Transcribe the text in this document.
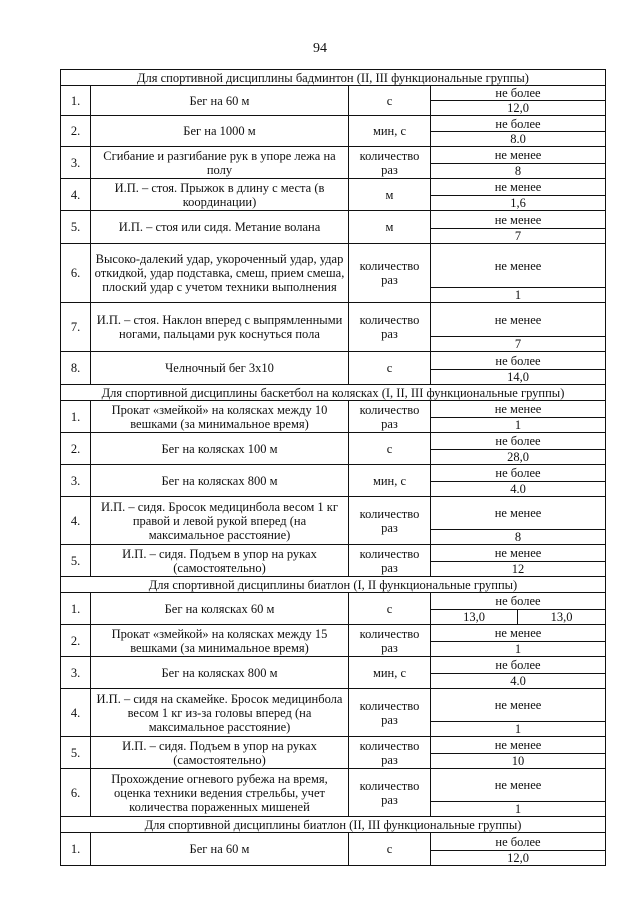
94
Для спортивной дисциплины бадминтон (II, III функциональные группы)				
1.	Бег на 60 м	с	не более	
			12,0	
2.	Бег на 1000 м	мин, с	не более	
			8.0	
3.	Сгибание и разгибание рук в упоре лежа на полу	количество раз	не менее	
			8	
4.	И.П. – стоя. Прыжок в длину с места (в координации)	м	не менее	
			1,6	
5.	И.П. – стоя или сидя. Метание волана	м	не менее	
			7	
6.	Высоко-далекий удар, укороченный удар, удар откидкой, удар подставка, смеш, прием смеша, плоский удар с учетом техники выполнения	количество раз	не менее	
			1	
7.	И.П. – стоя. Наклон вперед с выпрямленными ногами, пальцами рук коснуться пола	количество раз	не менее	
			7	
8.	Челночный бег 3х10	с	не более	
			14,0	
Для спортивной дисциплины баскетбол на колясках (I, II, III функциональные группы)				
1.	Прокат «змейкой» на колясках между 10 вешками (за минимальное время)	количество раз	не менее	
			1	
2.	Бег на колясках 100 м	с	не более	
			28,0	
3.	Бег на колясках 800 м	мин, с	не более	
			4.0	
4.	И.П. – сидя. Бросок медицинбола весом 1 кг правой и левой рукой вперед (на максимальное расстояние)	количество раз	не менее	
			8	
5.	И.П. – сидя. Подъем в упор на руках (самостоятельно)	количество раз	не менее	
			12	
Для спортивной дисциплины биатлон (I, II функциональные группы)				
1.	Бег на колясках 60 м	с	не более	
			13,0	13,0
2.	Прокат «змейкой» на колясках между 15 вешками (за минимальное время)	количество раз	не менее	
			1	
3.	Бег на колясках 800 м	мин, с	не более	
			4.0	
4.	И.П. – сидя на скамейке. Бросок медицинбола весом 1 кг из-за головы вперед (на максимальное расстояние)	количество раз	не менее	
			1	
5.	И.П. – сидя. Подъем в упор на руках (самостоятельно)	количество раз	не менее	
			10	
6.	Прохождение огневого рубежа на время, оценка техники ведения стрельбы, учет количества пораженных мишеней	количество раз	не менее	
			1	
Для спортивной дисциплины биатлон (II, III функциональные группы)				
1.	Бег на 60 м	с	не более	
			12,0	
